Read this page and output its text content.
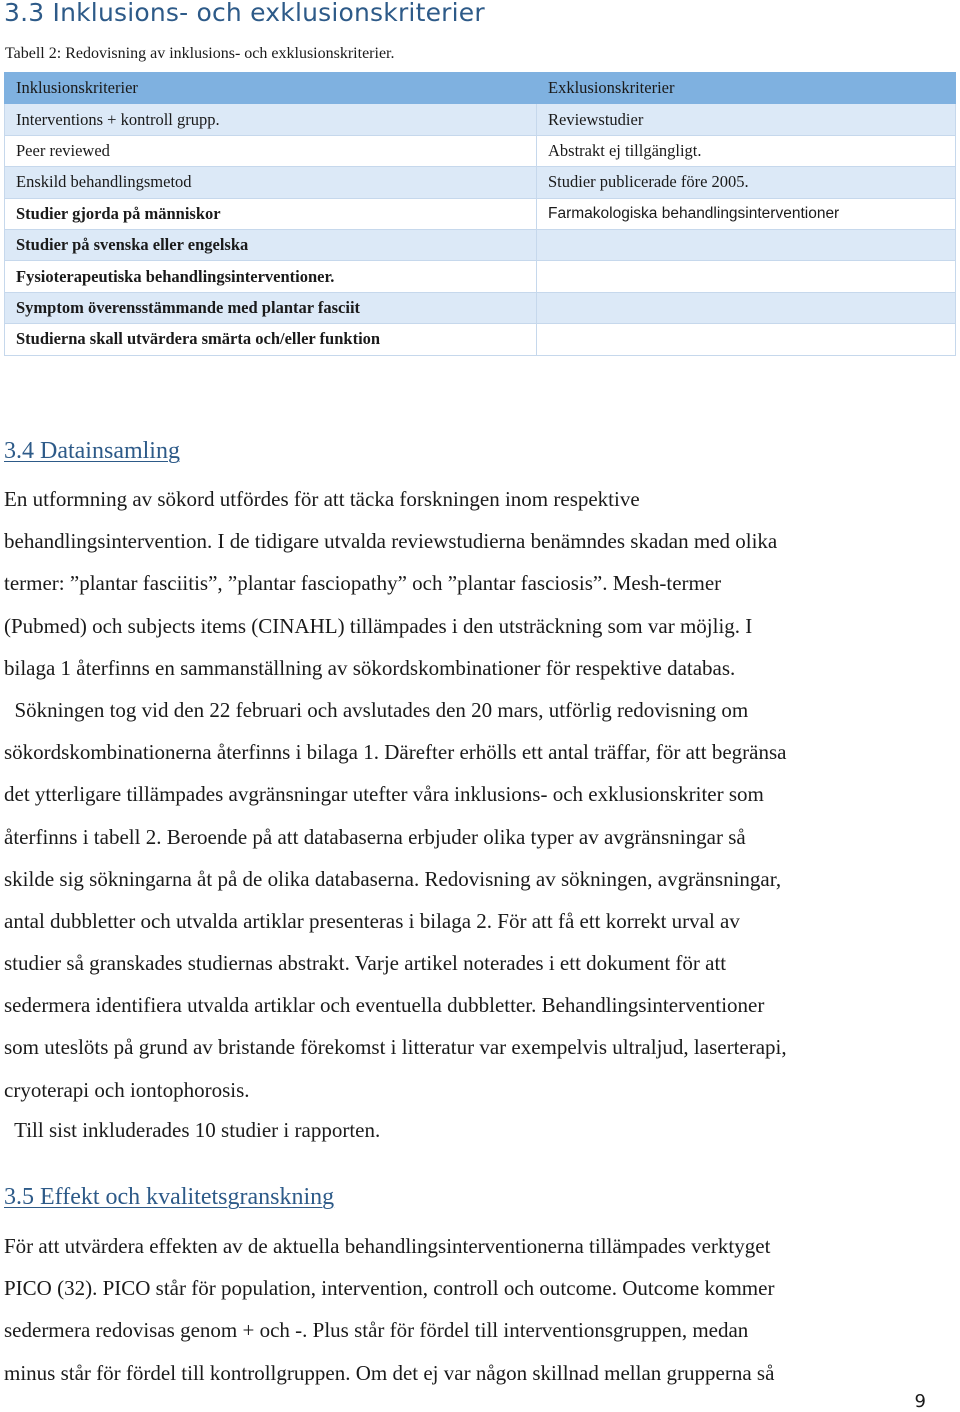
3.3 Inklusions- och exklusionskriterier

Tabell 2: Redovisning av inklusions- och exklusionskriterier.

Inklusionskriterier	Exklusionskriterier
Interventions + kontroll grupp.	Reviewstudier
Peer reviewed	Abstrakt ej tillgängligt.
Enskild behandlingsmetod	Studier publicerade före 2005.
Studier gjorda på människor	Farmakologiska behandlingsinterventioner
Studier på svenska eller engelska	
Fysioterapeutiska behandlingsinterventioner.	
Symptom överensstämmande med plantar fasciit	
Studierna skall utvärdera smärta och/eller funktion	
3.4 Datainsamling
En utformning av sökord utfördes för att täcka forskningen inom respektive
behandlingsintervention. I de tidigare utvalda reviewstudierna benämndes skadan med olika
termer: ”plantar fasciitis”, ”plantar fasciopathy” och ”plantar fasciosis”. Mesh-termer
(Pubmed) och subjects items (CINAHL) tillämpades i den utsträckning som var möjlig. I
bilaga 1 återfinns en sammanställning av sökordskombinationer för respektive databas.
Sökningen tog vid den 22 februari och avslutades den 20 mars, utförlig redovisning om
sökordskombinationerna återfinns i bilaga 1. Därefter erhölls ett antal träffar, för att begränsa
det ytterligare tillämpades avgränsningar utefter våra inklusions- och exklusionskriter som
återfinns i tabell 2. Beroende på att databaserna erbjuder olika typer av avgränsningar så
skilde sig sökningarna åt på de olika databaserna. Redovisning av sökningen, avgränsningar,
antal dubbletter och utvalda artiklar presenteras i bilaga 2. För att få ett korrekt urval av
studier så granskades studiernas abstrakt. Varje artikel noterades i ett dokument för att
sedermera identifiera utvalda artiklar och eventuella dubbletter. Behandlingsinterventioner
som uteslöts på grund av bristande förekomst i litteratur var exempelvis ultraljud, laserterapi,
cryoterapi och iontophorosis.
Till sist inkluderades 10 studier i rapporten.
3.5 Effekt och kvalitetsgranskning
För att utvärdera effekten av de aktuella behandlingsinterventionerna tillämpades verktyget
PICO (32). PICO står för population, intervention, controll och outcome. Outcome kommer
sedermera redovisas genom + och -. Plus står för fördel till interventionsgruppen, medan
minus står för fördel till kontrollgruppen. Om det ej var någon skillnad mellan grupperna så

9
